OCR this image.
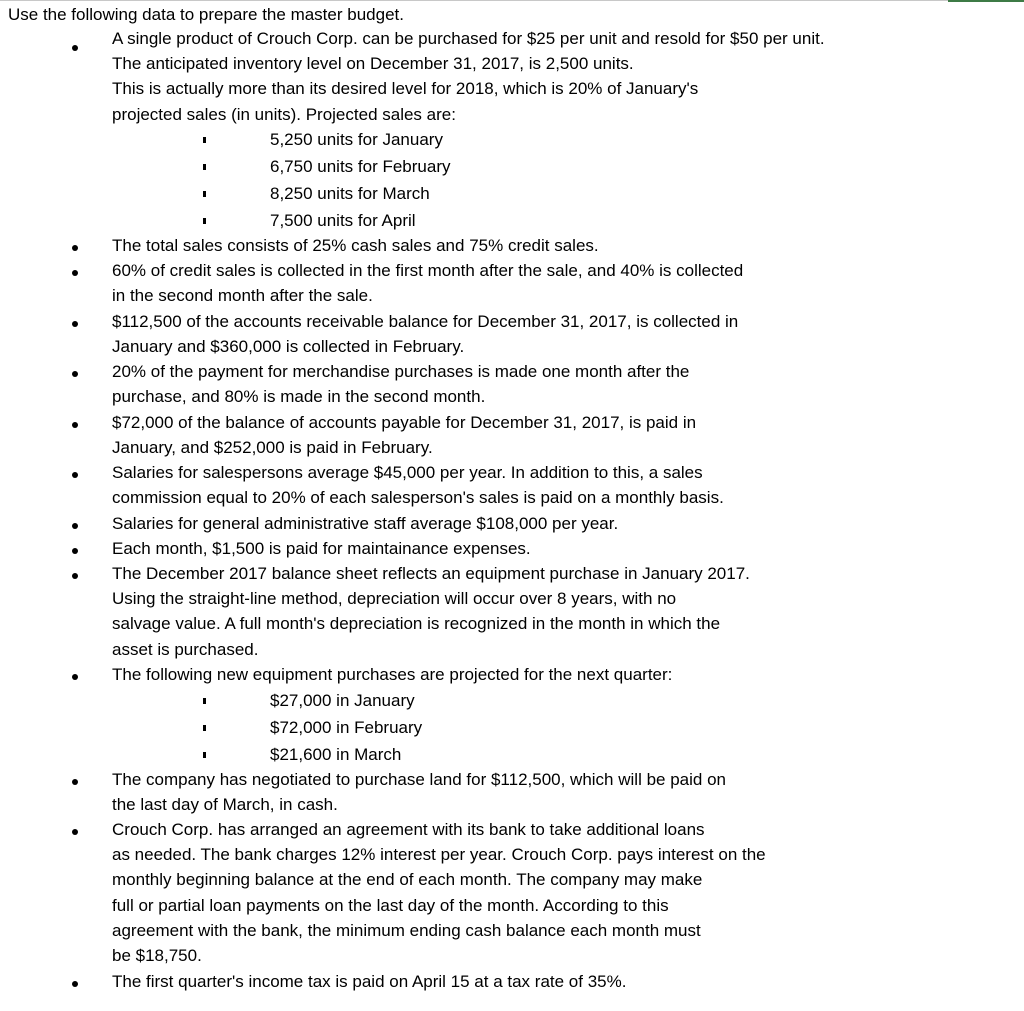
Use the following data to prepare the master budget.
A single product of Crouch Corp. can be purchased for $25 per unit and resold for $50 per unit.
The anticipated inventory level on December 31, 2017, is 2,500 units.
This is actually more than its desired level for 2018, which is 20% of January's
projected sales (in units). Projected sales are:
5,250 units for January
6,750 units for February
8,250 units for March
7,500 units for April
The total sales consists of 25% cash sales and 75% credit sales.
60% of credit sales is collected in the first month after the sale, and 40% is collected
in the second month after the sale.
$112,500 of the accounts receivable balance for December 31, 2017, is collected in
January and $360,000 is collected in February.
20% of the payment for merchandise purchases is made one month after the
purchase, and 80% is made in the second month.
$72,000 of the balance of accounts payable for December 31, 2017, is paid in
January, and $252,000 is paid in February.
Salaries for salespersons average $45,000 per year. In addition to this, a sales
commission equal to 20% of each salesperson's sales is paid on a monthly basis.
Salaries for general administrative staff average $108,000 per year.
Each month, $1,500 is paid for maintainance expenses.
The December 2017 balance sheet reflects an equipment purchase in January 2017.
Using the straight-line method, depreciation will occur over 8 years, with no
salvage value. A full month's depreciation is recognized in the month in which the
asset is purchased.
The following new equipment purchases are projected for the next quarter:
$27,000 in January
$72,000 in February
$21,600 in March
The company has negotiated to purchase land for $112,500, which will be paid on
the last day of March, in cash.
Crouch Corp. has arranged an agreement with its bank to take additional loans
as needed. The bank charges 12% interest per year. Crouch Corp. pays interest on the
monthly beginning balance at the end of each month. The company may make
full or partial loan payments on the last day of the month. According to this
agreement with the bank, the minimum ending cash balance each month must
be $18,750.
The first quarter's income tax is paid on April 15 at a tax rate of 35%.
